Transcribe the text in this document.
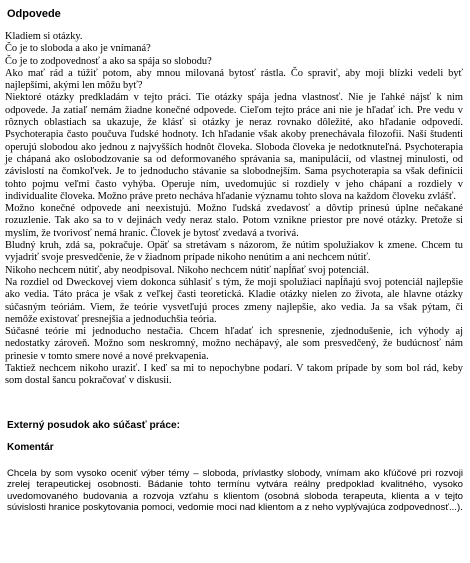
Odpovede

Kladiem si otázky.

Čo je to sloboda a ako je vnímaná?

Čo je to zodpovednosť a ako sa spája so slobodu?

Ako mať rád a túžiť potom, aby mnou milovaná bytosť rástla. Čo spraviť, aby moji blízki vedeli byť najlepšími, akými len môžu byť?

Niektoré otázky predkladám v tejto práci. Tie otázky spája jedna vlastnosť. Nie je ľahké nájsť k nim odpovede. Ja zatiaľ nemám žiadne konečné odpovede. Cieľom tejto práce ani nie je hľadať ich. Pre vedu v rôznych oblastiach sa ukazuje, že klásť si otázky je neraz rovnako dôležité, ako hľadanie odpovedí. Psychoterapia často poučuva ľudské hodnoty. Ich hľadanie však akoby prenechávala filozofii. Naší študenti operujú slobodou ako jednou z najvyšších hodnôt človeka. Sloboda človeka je nedotknuteľná. Psychoterapia je chápaná ako oslobodzovanie sa od deformovaného správania sa, manipulácií, od vlastnej minulosti, od závislostí na čomkoľvek. Je to jednoducho stávanie sa slobodnejším. Sama psychoterapia sa však definícii tohto pojmu veľmi často vyhýba. Operuje ním, uvedomujúc si rozdiely v jeho chápaní a rozdiely v individualite človeka. Možno práve preto necháva hľadanie významu tohto slova na každom človeku zvlášť.

Možno konečné odpovede ani neexistujú. Možno ľudská zvedavosť a dôvtip prinesú úplne nečakané rozuzlenie. Tak ako sa to v dejinách vedy neraz stalo. Potom vznikne priestor pre nové otázky. Pretože si myslím, že tvorivosť nemá hranic. Človek je bytosť zvedavá a tvorivá.

Bludný kruh, zdá sa, pokračuje. Opäť sa stretávam s názorom, že nútim spolužiakov k zmene. Chcem tu vyjadriť svoje presvedčenie, že v žiadnom prípade nikoho nenútim a ani nechcem nútiť.

Nikoho nechcem nútiť, aby neodpisoval. Nikoho nechcem nútiť napĺňať svoj potenciál.

Na rozdiel od Dweckovej viem dokonca súhlasiť s tým, že moji spolužiaci napĺňajú svoj potenciál najlepšie ako vedia. Táto práca je však z veľkej časti teoretická. Kladie otázky nielen zo života, ale hlavne otázky súčasným teóriám. Viem, že teórie vysvetľujú proces zmeny najlepšie, ako vedia. Ja sa však pýtam, či nemôže existovať presnejšia a jednoduchšia teória.

Súčasné teórie mi jednoducho nestačia. Chcem hľadať ich spresnenie, zjednodušenie, ich výhody aj nedostatky zároveň. Možno som neskromný, možno nechápavý, ale som presvedčený, že budúcnosť nám prinesie v tomto smere nové a nové prekvapenia.

Taktiež nechcem nikoho uraziť. I keď sa mi to nepochybne podarí. V takom prípade by som bol rád, keby som dostal šancu pokračovať v diskusii.

Externý posudok ako súčasť práce:
Komentár

Chcela by som vysoko oceniť výber témy – sloboda, prívlastky slobody, vnímam ako kľúčové pri rozvoji zrelej terapeutickej osobnosti. Bádanie tohto termínu vytvára reálny predpoklad kvalitného, vysoko uvedomovaného budovania a rozvoja vzťahu s klientom (osobná sloboda terapeuta, klienta a v tejto súvislosti hranice poskytovania pomoci, vedomie moci nad klientom a z neho vyplývajúca zodpovednosť...).
